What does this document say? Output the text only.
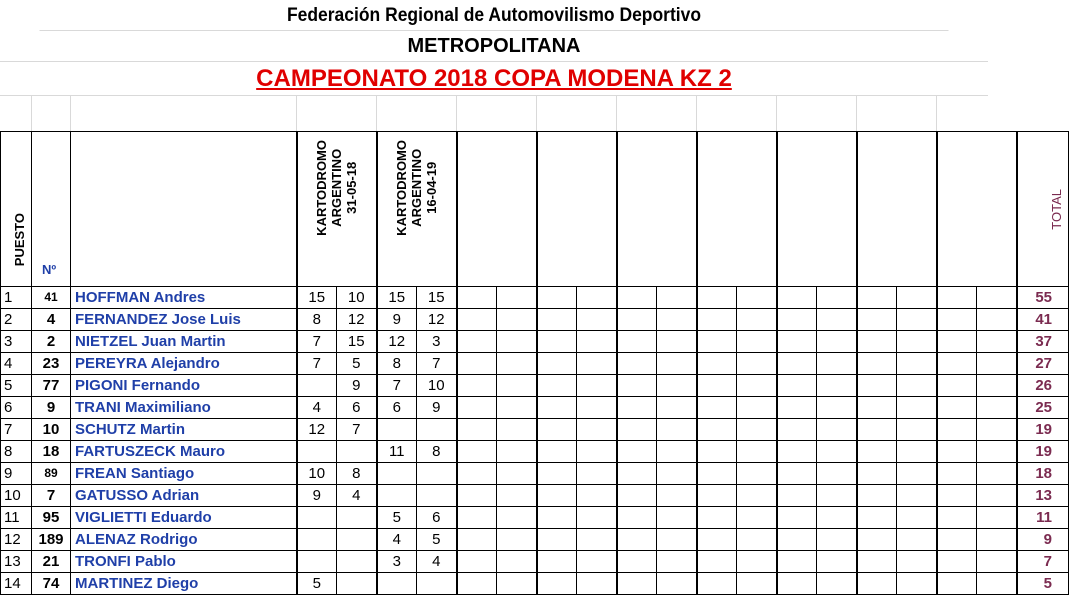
Federación Regional de Automovilismo Deportivo
METROPOLITANA
CAMPEONATO 2018 COPA MODENA KZ 2
PUESTO	Nº		KARTODROMO
ARGENTINO
31-05-18		KARTODROMO
ARGENTINO
16-04-19																TOTAL
1	41	HOFFMAN Andres	15	10	15	15															55
2	4	FERNANDEZ Jose Luis	8	12	9	12															41
3	2	NIETZEL Juan Martin	7	15	12	3															37
4	23	PEREYRA Alejandro	7	5	8	7															27
5	77	PIGONI Fernando		9	7	10															26
6	9	TRANI Maximiliano	4	6	6	9															25
7	10	SCHUTZ Martin	12	7																	19
8	18	FARTUSZECK Mauro			11	8															19
9	89	FREAN Santiago	10	8																	18
10	7	GATUSSO Adrian	9	4																	13
11	95	VIGLIETTI Eduardo			5	6															11
12	189	ALENAZ Rodrigo			4	5															9
13	21	TRONFI Pablo			3	4															7
14	74	MARTINEZ Diego	5																		5
